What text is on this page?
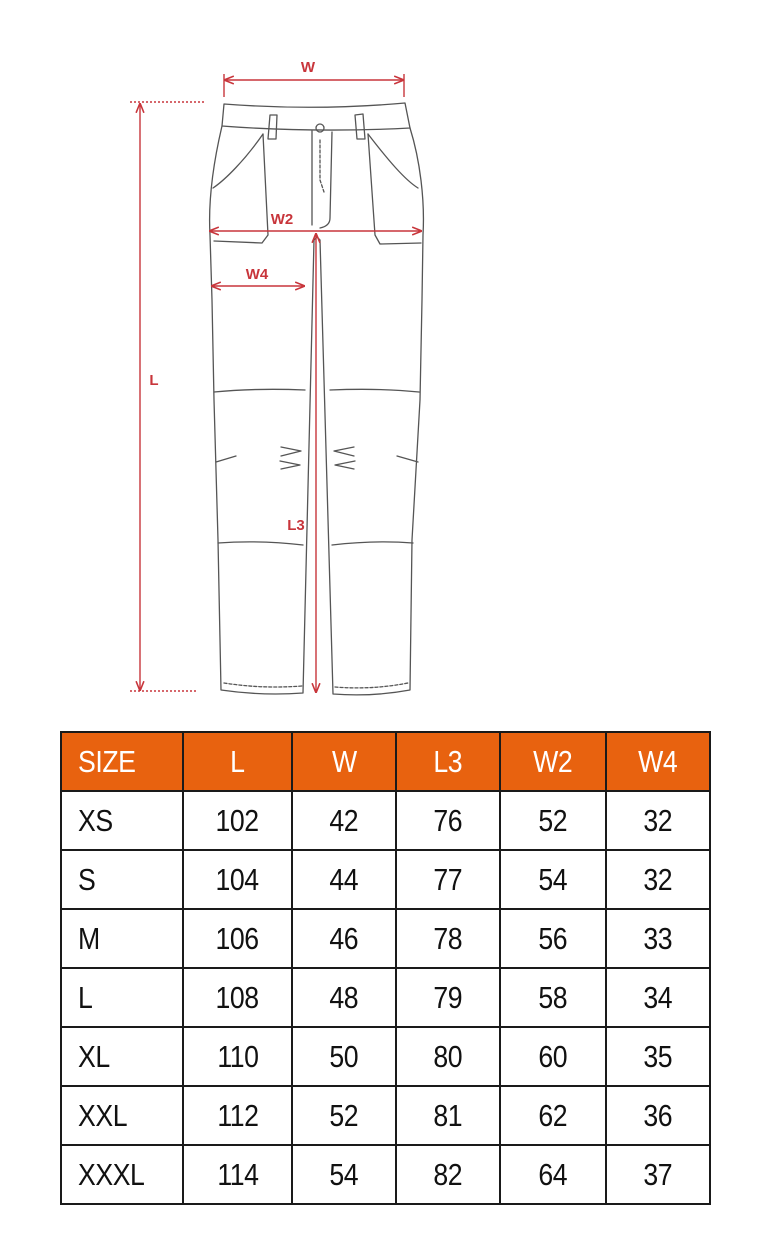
W
W2
W4
L
L3
SIZE	L	W	L3	W2	W4
XS	102	42	76	52	32
S	104	44	77	54	32
M	106	46	78	56	33
L	108	48	79	58	34
XL	110	50	80	60	35
XXL	112	52	81	62	36
XXXL	114	54	82	64	37
